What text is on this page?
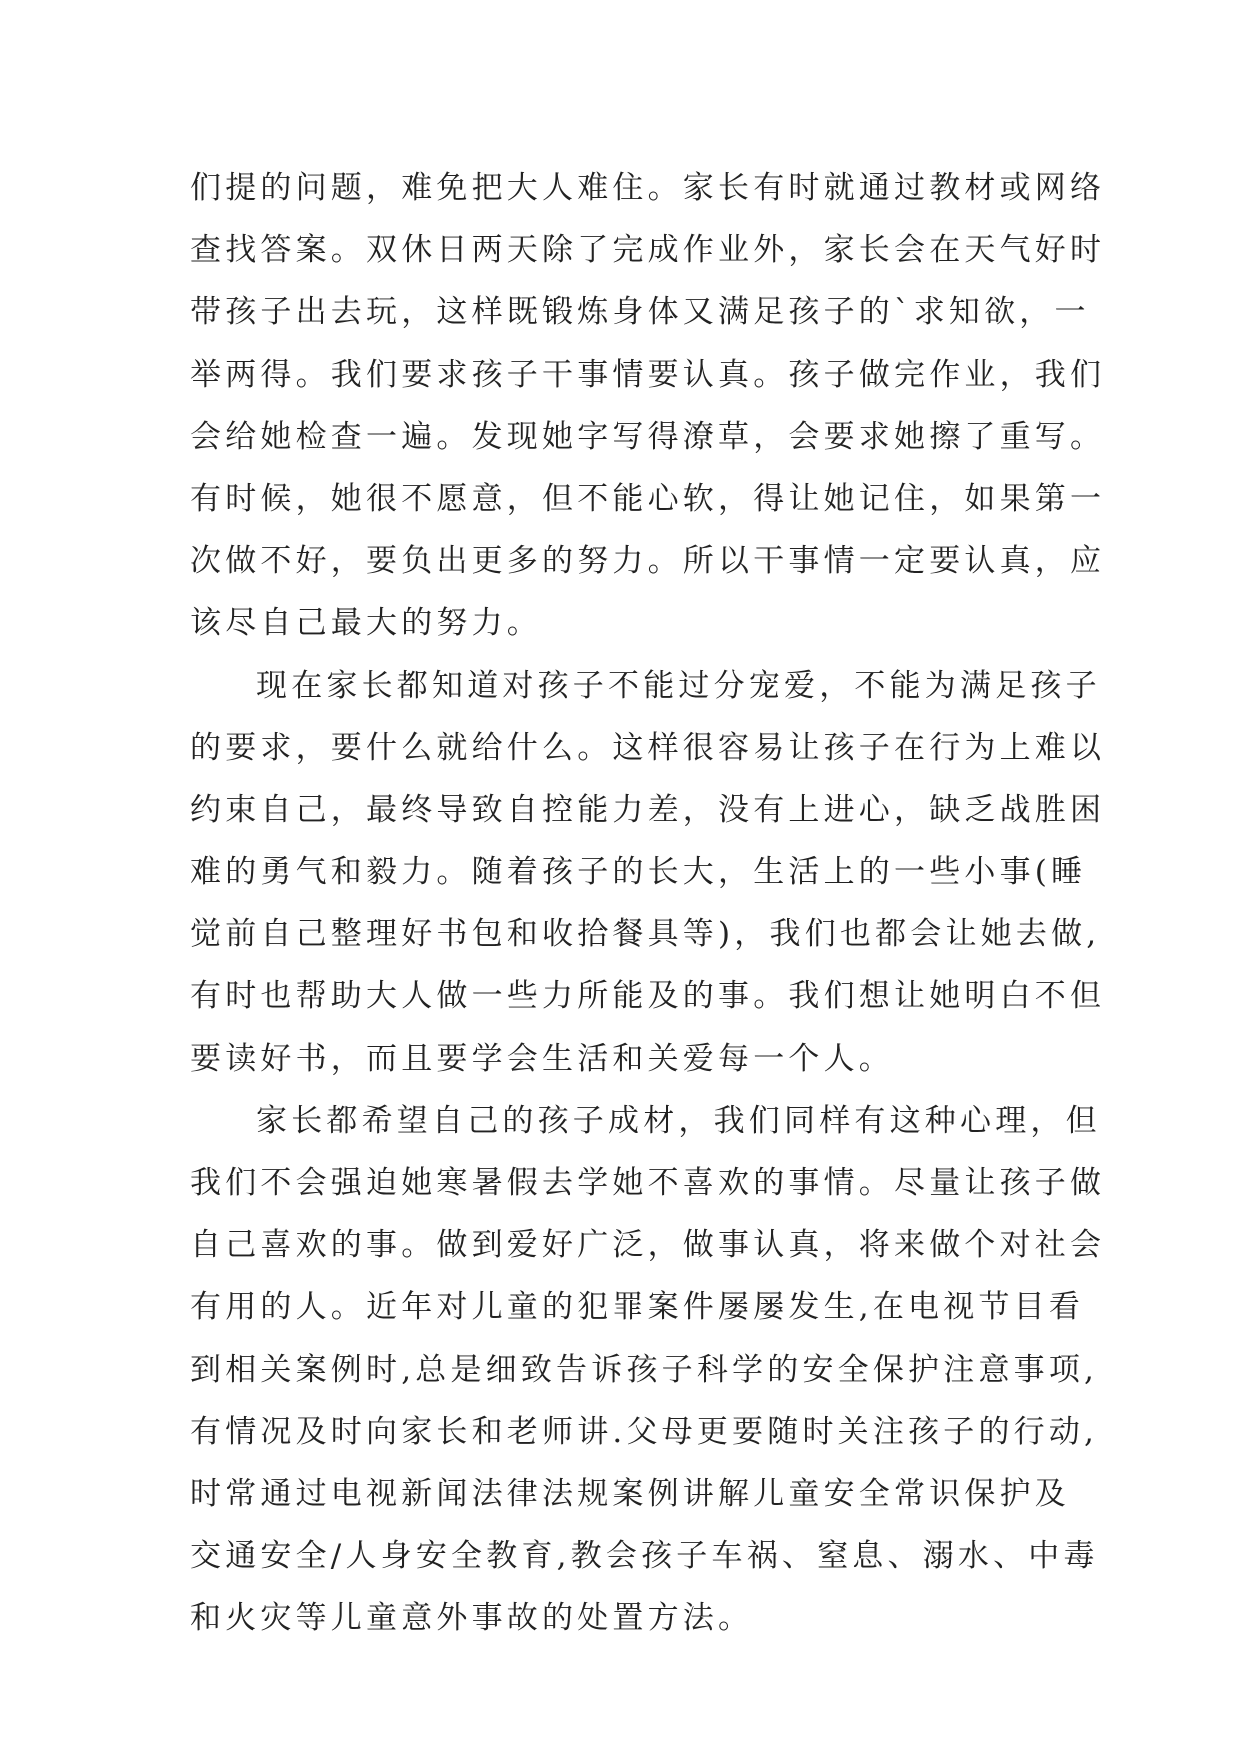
们提的问题，难免把大人难住。家长有时就通过教材或网络
查找答案。双休日两天除了完成作业外，家长会在天气好时
带孩子出去玩，这样既锻炼身体又满足孩子的`求知欲，一
举两得。我们要求孩子干事情要认真。孩子做完作业，我们
会给她检查一遍。发现她字写得潦草，会要求她擦了重写。
有时候，她很不愿意，但不能心软，得让她记住，如果第一
次做不好，要负出更多的努力。所以干事情一定要认真，应
该尽自己最大的努力。
现在家长都知道对孩子不能过分宠爱，不能为满足孩子
的要求，要什么就给什么。这样很容易让孩子在行为上难以
约束自己，最终导致自控能力差，没有上进心，缺乏战胜困
难的勇气和毅力。随着孩子的长大，生活上的一些小事(睡
觉前自己整理好书包和收拾餐具等)，我们也都会让她去做,
有时也帮助大人做一些力所能及的事。我们想让她明白不但
要读好书，而且要学会生活和关爱每一个人。
家长都希望自己的孩子成材，我们同样有这种心理，但
我们不会强迫她寒暑假去学她不喜欢的事情。尽量让孩子做
自己喜欢的事。做到爱好广泛，做事认真，将来做个对社会
有用的人。近年对儿童的犯罪案件屡屡发生,在电视节目看
到相关案例时,总是细致告诉孩子科学的安全保护注意事项,
有情况及时向家长和老师讲.父母更要随时关注孩子的行动,
时常通过电视新闻法律法规案例讲解儿童安全常识保护及
交通安全/人身安全教育,教会孩子车祸、窒息、溺水、中毒
和火灾等儿童意外事故的处置方法。
